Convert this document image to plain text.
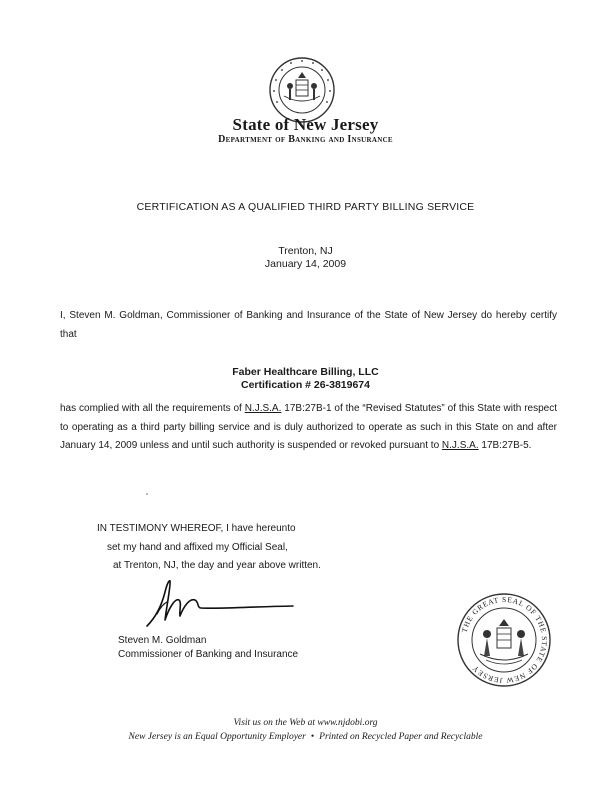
State of New Jersey
Department of Banking and Insurance
CERTIFICATION AS A QUALIFIED THIRD PARTY BILLING SERVICE
Trenton, NJ
January 14, 2009
I, Steven M. Goldman, Commissioner of Banking and Insurance of the State of New Jersey do hereby certify that
Faber Healthcare Billing, LLC
Certification # 26-3819674
has complied with all the requirements of N.J.S.A. 17B:27B-1 of the “Revised Statutes” of this State with respect to operating as a third party billing service and is duly authorized to operate as such in this State on and after January 14, 2009 unless and until such authority is suspended or revoked pursuant to N.J.S.A. 17B:27B-5.
IN TESTIMONY WHEREOF, I have hereunto
set my hand and affixed my Official Seal,
at Trenton, NJ, the day and year above written.
Steven M. Goldman
Commissioner of Banking and Insurance
THE GREAT SEAL OF THE STATE OF NEW JERSEY
Visit us on the Web at www.njdobi.org
New Jersey is an Equal Opportunity Employer • Printed on Recycled Paper and Recyclable
